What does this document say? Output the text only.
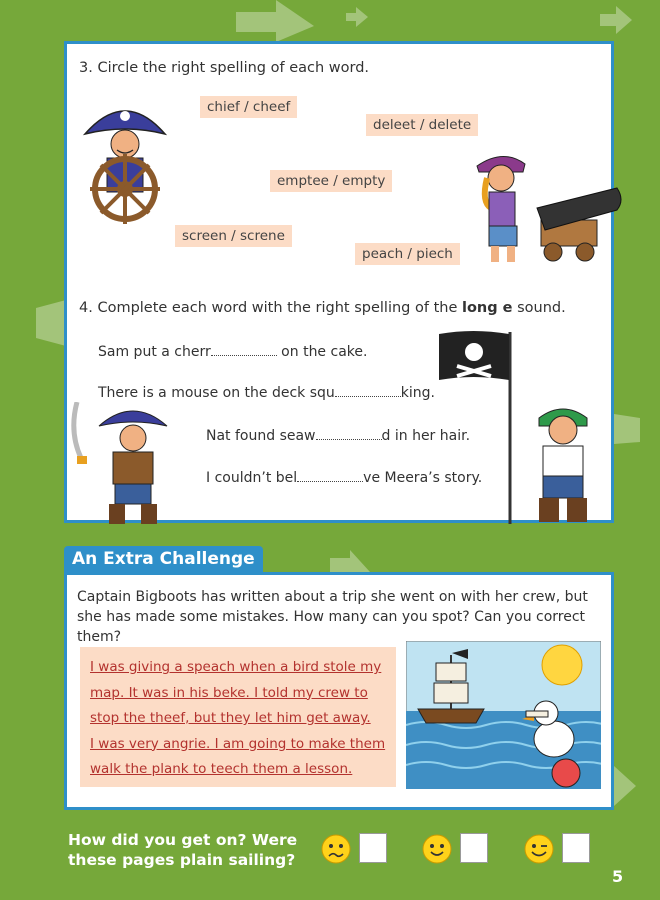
3. Circle the right spelling of each word.
chief / cheef
deleet / delete
emptee / empty
screen / screne
peach / piech
4. Complete each word with the right spelling of the long e sound.
Sam put a cherr	on the cake.
There is a mouse on the deck squ	king.
Nat found seaw	d in her hair.
I couldn’t bel	ve Meera’s story.
An Extra Challenge
Captain Bigboots has written about a trip she went on with her crew, but she has made some mistakes. How many can you spot? Can you correct them?
I was giving a speach when a bird stole my
map. It was in his beke. I told my crew to
stop the theef, but they let him get away.
I was very angrie. I am going to make them
walk the plank to teech them a lesson.
How did you get on? Were
these pages plain sailing?
5
